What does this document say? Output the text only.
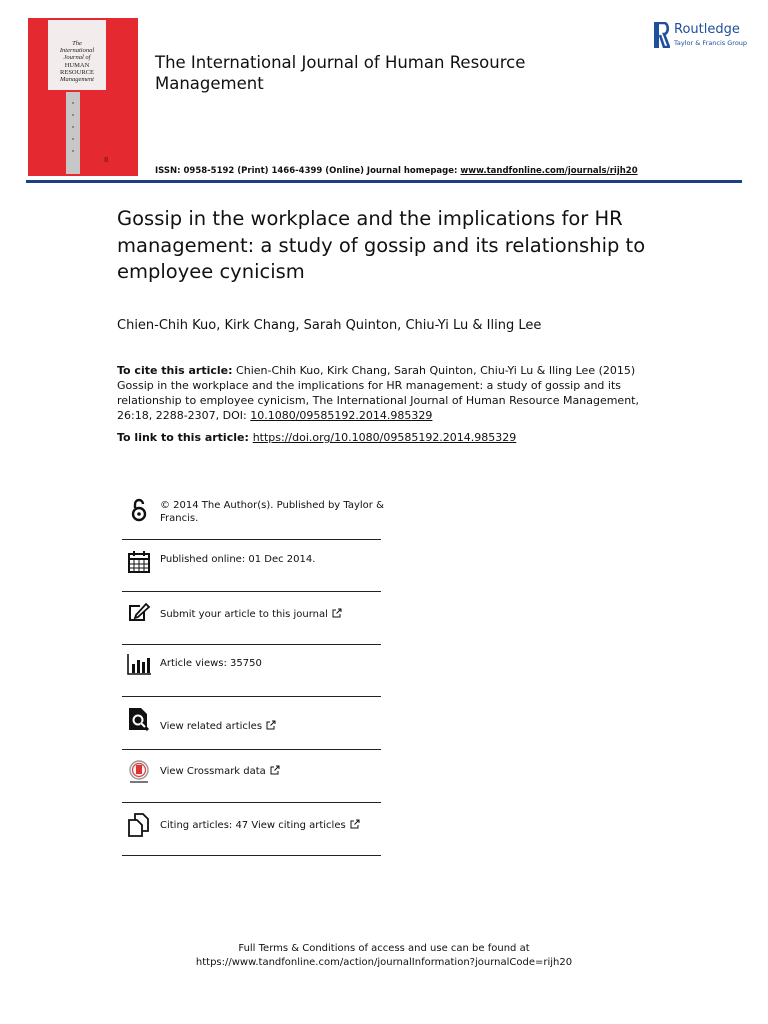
The
International
Journal of
HUMAN
RESOURCE
Management
R
The International Journal of Human Resource Management
Routledge
Taylor & Francis Group
ISSN: 0958-5192 (Print) 1466-4399 (Online) Journal homepage: www.tandfonline.com/journals/rijh20
Gossip in the workplace and the implications for HR management: a study of gossip and its relationship to employee cynicism
Chien-Chih Kuo, Kirk Chang, Sarah Quinton, Chiu-Yi Lu & Iling Lee
To cite this article: Chien-Chih Kuo, Kirk Chang, Sarah Quinton, Chiu-Yi Lu & Iling Lee (2015) Gossip in the workplace and the implications for HR management: a study of gossip and its relationship to employee cynicism, The International Journal of Human Resource Management, 26:18, 2288-2307, DOI: 10.1080/09585192.2014.985329
To link to this article: https://doi.org/10.1080/09585192.2014.985329
© 2014 The Author(s). Published by Taylor & Francis.
Published online: 01 Dec 2014.
Submit your article to this journal
Article views: 35750
View related articles
View Crossmark data
Citing articles: 47 View citing articles
Full Terms & Conditions of access and use can be found at
https://www.tandfonline.com/action/journalInformation?journalCode=rijh20
